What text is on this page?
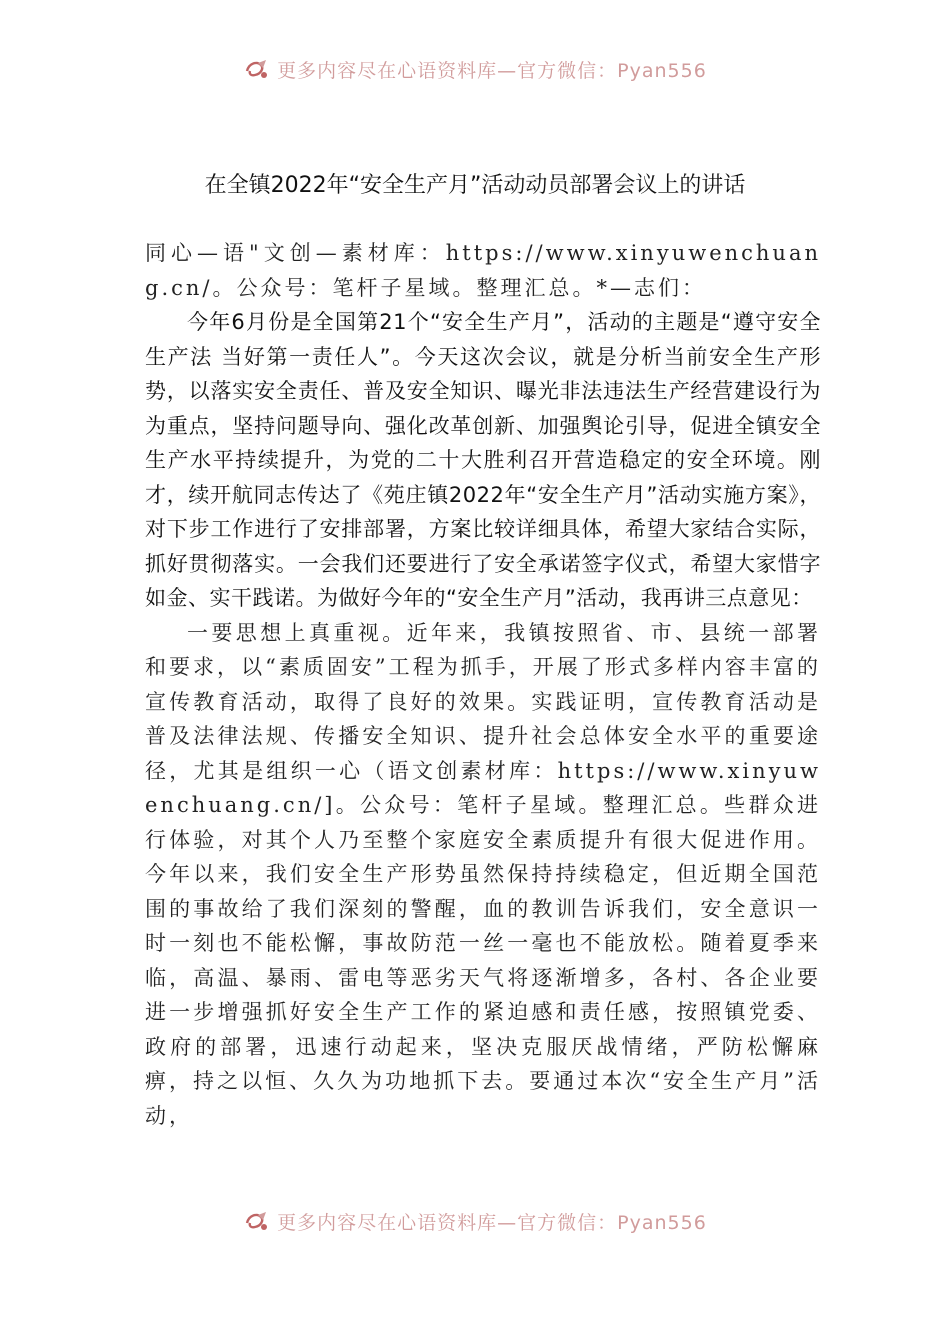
更多内容尽在心语资料库—官方微信：Pyan556
在全镇2022年“安全生产月”活动动员部署会议上的讲话

同心—语"文创—素材库：https://www.xinyuwenchuang.cn/。公众号：笔杆子星域。整理汇总。*—志们：

今年6月份是全国第21个“安全生产月”，活动的主题是“遵守安全生产法 当好第一责任人”。今天这次会议，就是分析当前安全生产形势，以落实安全责任、普及安全知识、曝光非法违法生产经营建设行为为重点，坚持问题导向、强化改革创新、加强舆论引导，促进全镇安全生产水平持续提升，为党的二十大胜利召开营造稳定的安全环境。刚才，续开航同志传达了《苑庄镇2022年“安全生产月”活动实施方案》，对下步工作进行了安排部署，方案比较详细具体，希望大家结合实际，抓好贯彻落实。一会我们还要进行了安全承诺签字仪式，希望大家惜字如金、实干践诺。为做好今年的“安全生产月”活动，我再讲三点意见：

一要思想上真重视。近年来，我镇按照省、市、县统一部署和要求，以“素质固安”工程为抓手，开展了形式多样内容丰富的宣传教育活动，取得了良好的效果。实践证明，宣传教育活动是普及法律法规、传播安全知识、提升社会总体安全水平的重要途径，尤其是组织一心（语文创素材库：https://www.xinyuwenchuang.cn/]。公众号：笔杆子星域。整理汇总。些群众进行体验，对其个人乃至整个家庭安全素质提升有很大促进作用。今年以来，我们安全生产形势虽然保持持续稳定，但近期全国范围的事故给了我们深刻的警醒，血的教训告诉我们，安全意识一时一刻也不能松懈，事故防范一丝一毫也不能放松。随着夏季来临，高温、暴雨、雷电等恶劣天气将逐渐增多，各村、各企业要进一步增强抓好安全生产工作的紧迫感和责任感，按照镇党委、政府的部署，迅速行动起来，坚决克服厌战情绪，严防松懈麻痹，持之以恒、久久为功地抓下去。要通过本次“安全生产月”活动，

更多内容尽在心语资料库—官方微信：Pyan556
